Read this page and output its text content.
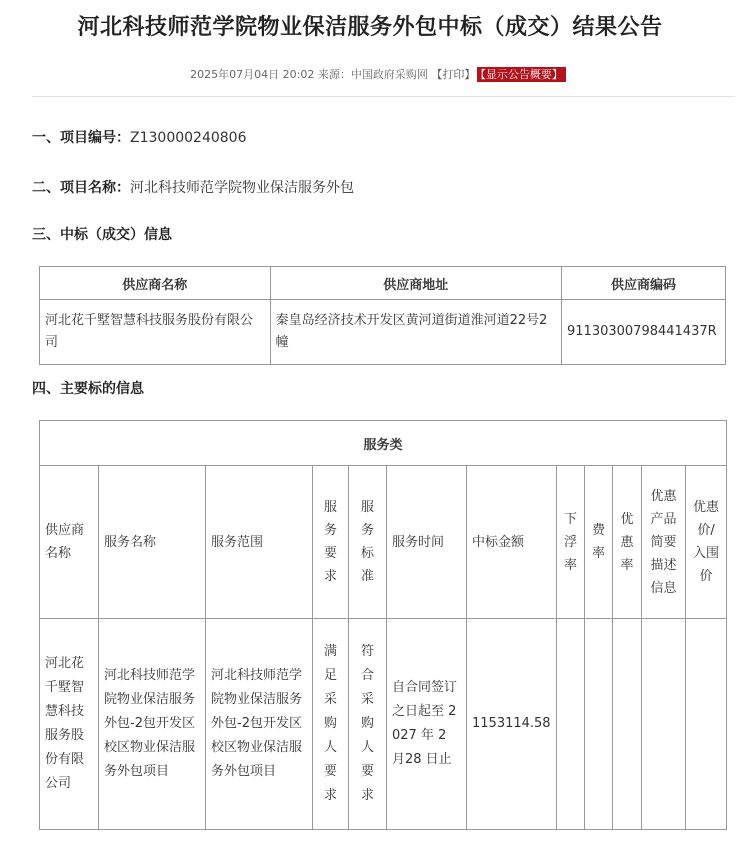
河北科技师范学院物业保洁服务外包中标（成交）结果公告
2025年07月04日 20:02 来源：中国政府采购网 【打印】 【显示公告概要】
一、项目编号：Z130000240806
二、项目名称：河北科技师范学院物业保洁服务外包
三、中标（成交）信息
供应商名称	供应商地址	供应商编码
河北花千墅智慧科技服务股份有限公司	秦皇岛经济技术开发区黄河道街道淮河道22号2幢	91130300798441437R
四、主要标的信息
服务类											
供应商名称	服务名称	服务范围	服务要求	服务标准	服务时间	中标金额	下浮率	费率	优惠率	优惠产品简要描述信息	优惠价/入围价

河北花千墅智慧科技服务股份有限公司	河北科技师范学院物业保洁服务外包-2包开发区校区物业保洁服务外包项目	河北科技师范学院物业保洁服务外包-2包开发区校区物业保洁服务外包项目	满足采购人要求	符合采购人要求	自合同签订之日起至 2027 年 2 月28 日止	1153114.58					
